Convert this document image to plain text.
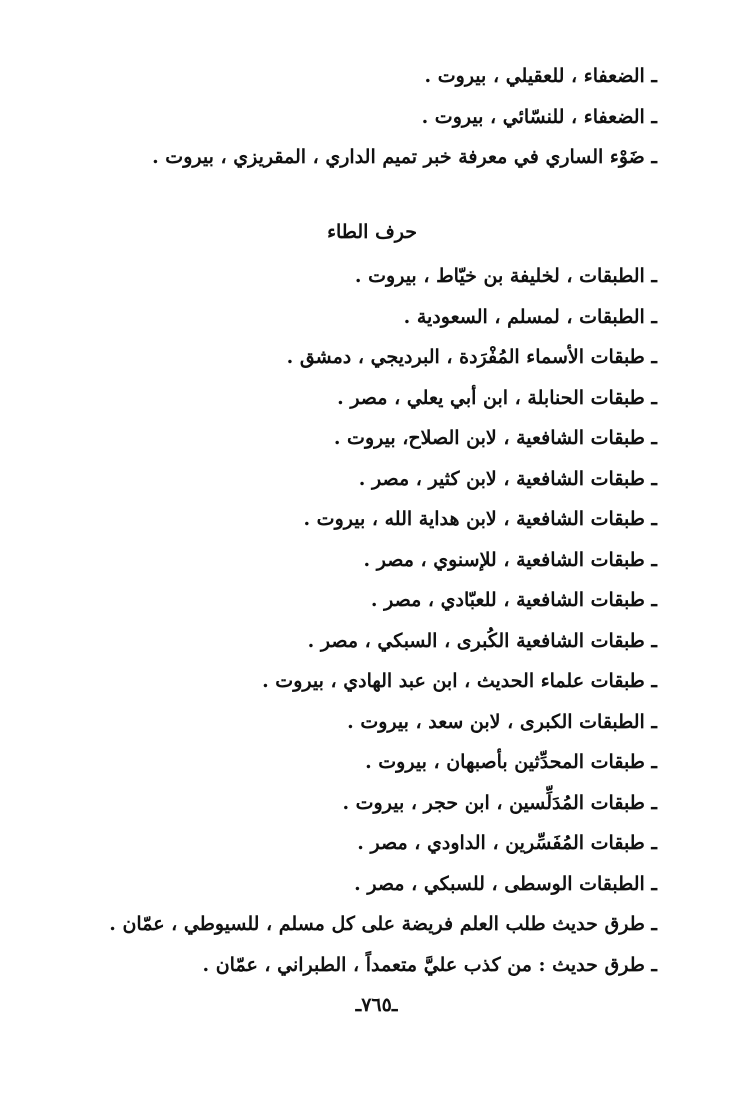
ـ الضعفاء ، للعقيلي ، بيروت .
ـ الضعفاء ، للنسّائي ، بيروت .
ـ ضَوْء الساري في معرفة خبر تميم الداري ، المقريزي ، بيروت .
حرف الطاء
ـ الطبقات ، لخليفة بن خيّاط ، بيروت .
ـ الطبقات ، لمسلم ، السعودية .
ـ طبقات الأسماء المُفْرَدة ، البرديجي ، دمشق .
ـ طبقات الحنابلة ، ابن أبي يعلي ، مصر .
ـ طبقات الشافعية ، لابن الصلاح، بيروت .
ـ طبقات الشافعية ، لابن كثير ، مصر .
ـ طبقات الشافعية ، لابن هداية الله ، بيروت .
ـ طبقات الشافعية ، للإسنوي ، مصر .
ـ طبقات الشافعية ، للعبّادي ، مصر .
ـ طبقات الشافعية الكُبرى ، السبكي ، مصر .
ـ طبقات علماء الحديث ، ابن عبد الهادي ، بيروت .
ـ الطبقات الكبرى ، لابن سعد ، بيروت .
ـ طبقات المحدِّثين بأصبهان ، بيروت .
ـ طبقات المُدَلِّسين ، ابن حجر ، بيروت .
ـ طبقات المُفَسِّرين ، الداودي ، مصر .
ـ الطبقات الوسطى ، للسبكي ، مصر .
ـ طرق حديث طلب العلم فريضة على كل مسلم ، للسيوطي ، عمّان .
ـ طرق حديث : من كذب عليَّ متعمداً ، الطبراني ، عمّان .
ـ٧٦٥ـ
